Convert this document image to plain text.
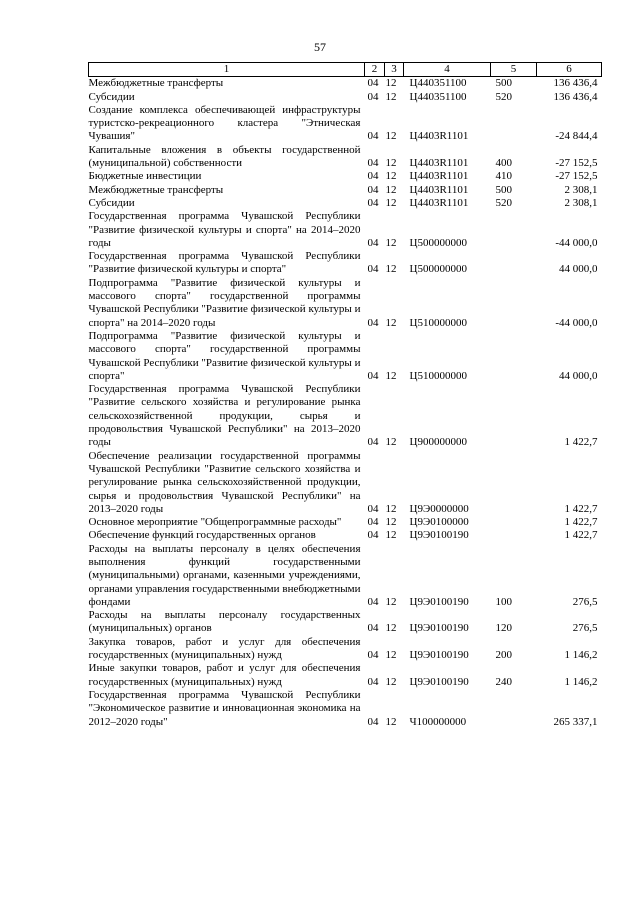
57
1	2	3	4	5	6
Межбюджетные трансферты	04	12	Ц440351100	500	136 436,4
Субсидии	04	12	Ц440351100	520	136 436,4
Создание комплекса обеспечивающей инфраструктуры туристско-рекреационного кластера "Этническая Чувашия"	04	12	Ц4403R1101		-24 844,4
Капитальные вложения в объекты государственной (муниципальной) собственности	04	12	Ц4403R1101	400	-27 152,5
Бюджетные инвестиции	04	12	Ц4403R1101	410	-27 152,5
Межбюджетные трансферты	04	12	Ц4403R1101	500	2 308,1
Субсидии	04	12	Ц4403R1101	520	2 308,1
Государственная программа Чувашской Республики "Развитие физической культуры и спорта" на 2014–2020 годы	04	12	Ц500000000		-44 000,0
Государственная программа Чувашской Республики "Развитие физической культуры и спорта"	04	12	Ц500000000		44 000,0
Подпрограмма "Развитие физической культуры и массового спорта" государственной программы Чувашской Республики "Развитие физической культуры и спорта" на 2014–2020 годы	04	12	Ц510000000		-44 000,0
Подпрограмма "Развитие физической культуры и массового спорта" государственной программы Чувашской Республики "Развитие физической культуры и спорта"	04	12	Ц510000000		44 000,0
Государственная программа Чувашской Республики "Развитие сельского хозяйства и регулирование рынка сельскохозяйственной продукции, сырья и продовольствия Чувашской Республики" на 2013–2020 годы	04	12	Ц900000000		1 422,7
Обеспечение реализации государственной программы Чувашской Республики "Развитие сельского хозяйства и регулирование рынка сельскохозяйственной продукции, сырья и продовольствия Чувашской Республики" на 2013–2020 годы	04	12	Ц9Э0000000		1 422,7
Основное мероприятие "Общепрограммные расходы"	04	12	Ц9Э0100000		1 422,7
Обеспечение функций государственных органов	04	12	Ц9Э0100190		1 422,7
Расходы на выплаты персоналу в целях обеспечения выполнения функций государственными (муниципальными) органами, казенными учреждениями, органами управления государственными внебюджетными фондами	04	12	Ц9Э0100190	100	276,5
Расходы на выплаты персоналу государственных (муниципальных) органов	04	12	Ц9Э0100190	120	276,5
Закупка товаров, работ и услуг для обеспечения государственных (муниципальных) нужд	04	12	Ц9Э0100190	200	1 146,2
Иные закупки товаров, работ и услуг для обеспечения государственных (муниципальных) нужд	04	12	Ц9Э0100190	240	1 146,2
Государственная программа Чувашской Республики "Экономическое развитие и инновационная экономика на 2012–2020 годы"	04	12	Ч100000000		265 337,1
